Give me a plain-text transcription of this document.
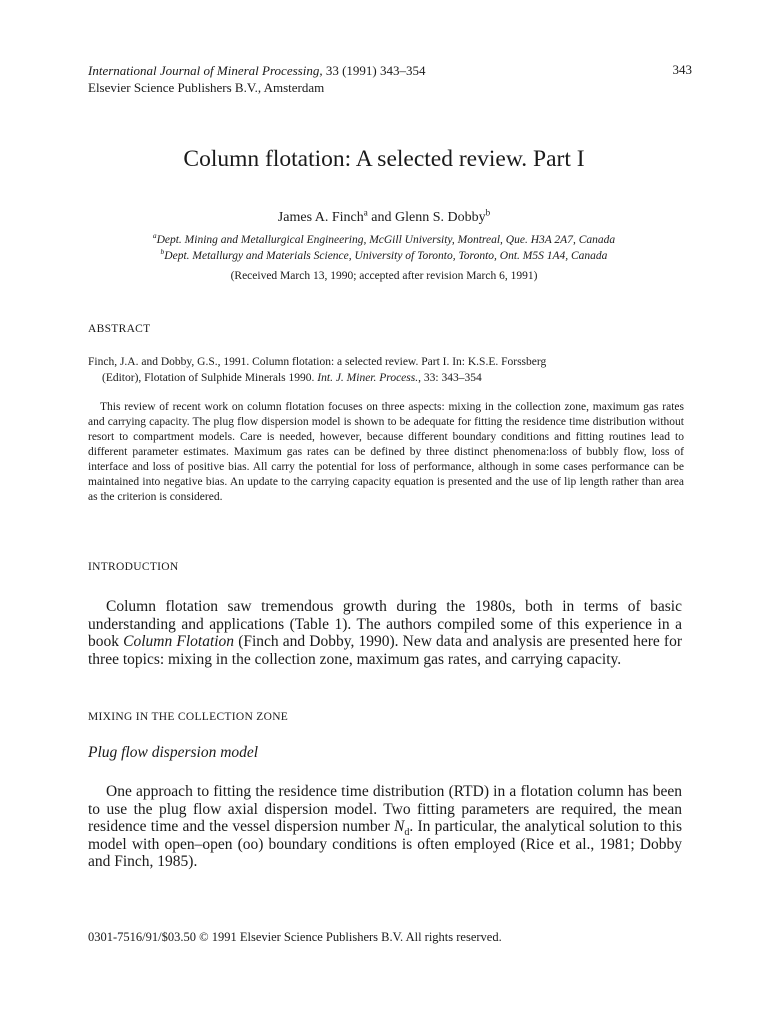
International Journal of Mineral Processing, 33 (1991) 343–354
Elsevier Science Publishers B.V., Amsterdam
343
Column flotation: A selected review. Part I
James A. Finch$^a$ and Glenn S. Dobby$^b$
$^a$Dept. Mining and Metallurgical Engineering, McGill University, Montreal, Que. H3A 2A7, Canada
$^b$Dept. Metallurgy and Materials Science, University of Toronto, Toronto, Ont. M5S 1A4, Canada
(Received March 13, 1990; accepted after revision March 6, 1991)
ABSTRACT
Finch, J.A. and Dobby, G.S., 1991. Column flotation: a selected review. Part I. In: K.S.E. Forssberg
(Editor), Flotation of Sulphide Minerals 1990. Int. J. Miner. Process., 33: 343–354
This review of recent work on column flotation focuses on three aspects: mixing in the collection zone, maximum gas rates and carrying capacity. The plug flow dispersion model is shown to be adequate for fitting the residence time distribution without resort to compartment models. Care is needed, however, because different boundary conditions and fitting routines lead to different parameter estimates. Maximum gas rates can be defined by three distinct phenomena:loss of bubbly flow, loss of interface and loss of positive bias. All carry the potential for loss of performance, although in some cases performance can be maintained into negative bias. An update to the carrying capacity equation is presented and the use of lip length rather than area as the criterion is considered.
INTRODUCTION
Column flotation saw tremendous growth during the 1980s, both in terms of basic understanding and applications (Table 1). The authors compiled some of this experience in a book Column Flotation (Finch and Dobby, 1990). New data and analysis are presented here for three topics: mixing in the collection zone, maximum gas rates, and carrying capacity.
MIXING IN THE COLLECTION ZONE
Plug flow dispersion model
One approach to fitting the residence time distribution (RTD) in a flotation column has been to use the plug flow axial dispersion model. Two fitting parameters are required, the mean residence time and the vessel dispersion number $N_d$. In particular, the analytical solution to this model with open–open (oo) boundary conditions is often employed (Rice et al., 1981; Dobby and Finch, 1985).
0301-7516/91/$03.50 © 1991 Elsevier Science Publishers B.V. All rights reserved.
